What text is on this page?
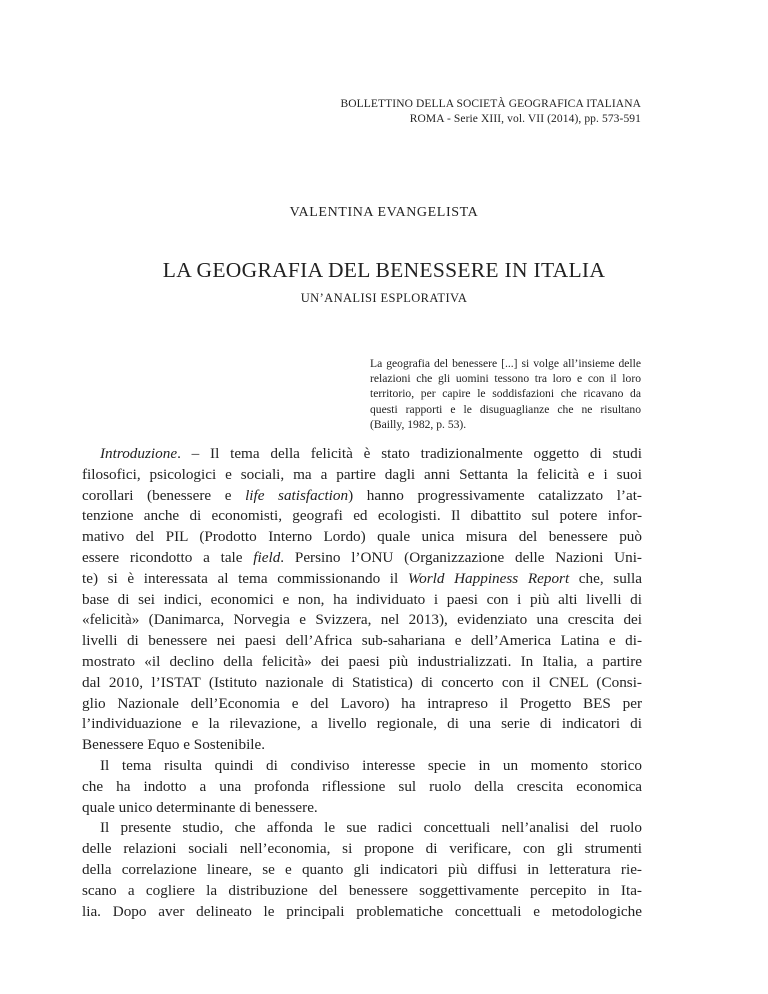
BOLLETTINO DELLA SOCIETÀ GEOGRAFICA ITALIANA
ROMA - Serie XIII, vol. VII (2014), pp. 573-591
VALENTINA EVANGELISTA
LA GEOGRAFIA DEL BENESSERE IN ITALIA
UN’ANALISI ESPLORATIVA
La geografia del benessere [...] si volge all’insieme delle relazioni che gli uomini tessono tra loro e con il loro territorio, per capire le soddisfazioni che ricavano da questi rapporti e le disuguaglianze che ne risultano (Bailly, 1982, p. 53).
Introduzione. – Il tema della felicità è stato tradizionalmente oggetto di studi
filosofici, psicologici e sociali, ma a partire dagli anni Settanta la felicità e i suoi
corollari (benessere e life satisfaction) hanno progressivamente catalizzato l’at-
tenzione anche di economisti, geografi ed ecologisti. Il dibattito sul potere infor-
mativo del PIL (Prodotto Interno Lordo) quale unica misura del benessere può
essere ricondotto a tale field. Persino l’ONU (Organizzazione delle Nazioni Uni-
te) si è interessata al tema commissionando il World Happiness Report che, sulla
base di sei indici, economici e non, ha individuato i paesi con i più alti livelli di
«felicità» (Danimarca, Norvegia e Svizzera, nel 2013), evidenziato una crescita dei
livelli di benessere nei paesi dell’Africa sub-sahariana e dell’America Latina e di-
mostrato «il declino della felicità» dei paesi più industrializzati. In Italia, a partire
dal 2010, l’ISTAT (Istituto nazionale di Statistica) di concerto con il CNEL (Consi-
glio Nazionale dell’Economia e del Lavoro) ha intrapreso il Progetto BES per
l’individuazione e la rilevazione, a livello regionale, di una serie di indicatori di
Benessere Equo e Sostenibile.
Il tema risulta quindi di condiviso interesse specie in un momento storico
che ha indotto a una profonda riflessione sul ruolo della crescita economica
quale unico determinante di benessere.
Il presente studio, che affonda le sue radici concettuali nell’analisi del ruolo
delle relazioni sociali nell’economia, si propone di verificare, con gli strumenti
della correlazione lineare, se e quanto gli indicatori più diffusi in letteratura rie-
scano a cogliere la distribuzione del benessere soggettivamente percepito in Ita-
lia. Dopo aver delineato le principali problematiche concettuali e metodologiche
